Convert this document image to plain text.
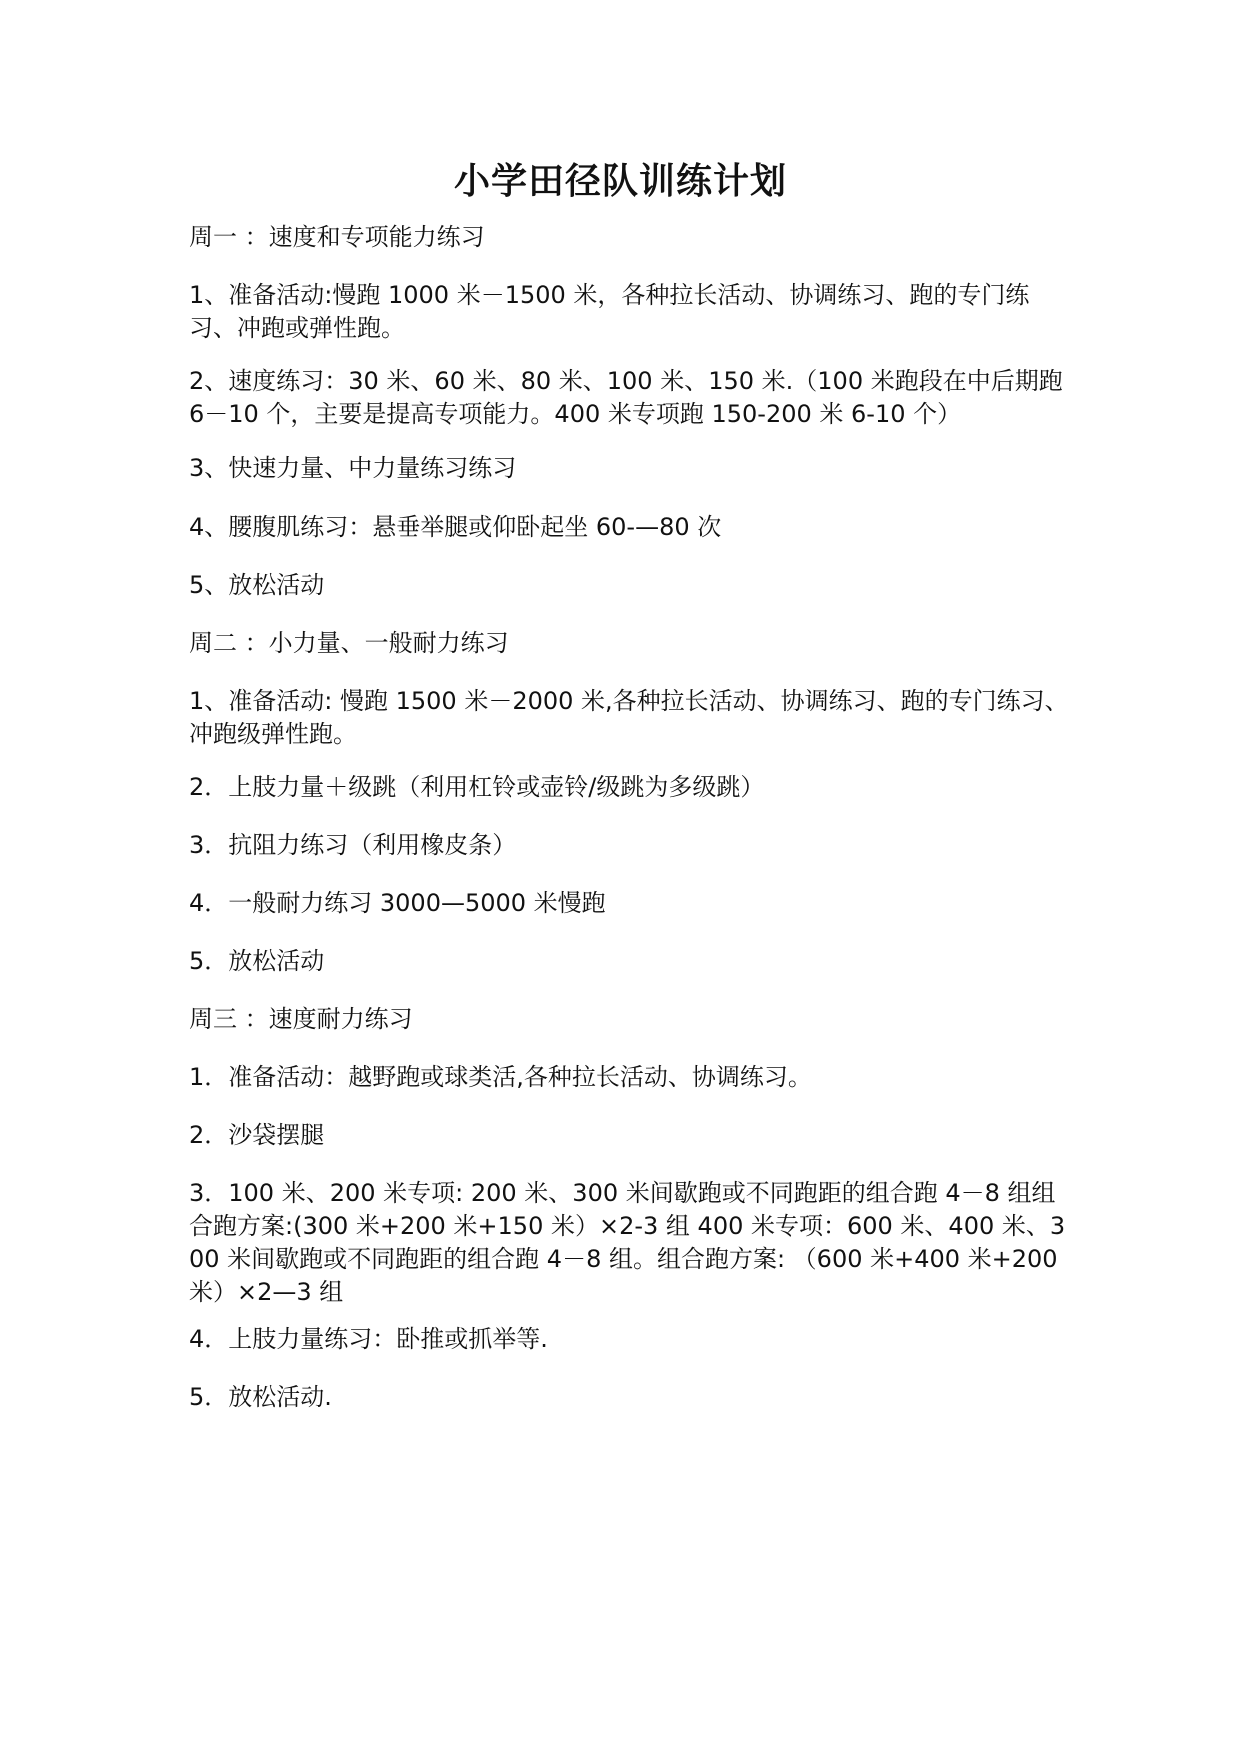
小学田径队训练计划

周一 ：速度和专项能力练习

1、准备活动:慢跑 1000 米－1500 米，各种拉长活动、协调练习、跑的专门练习、冲跑或弹性跑。

2、速度练习：30 米、60 米、80 米、100 米、150 米.（100 米跑段在中后期跑 6－10 个，主要是提高专项能力。400 米专项跑 150-200 米 6-10 个）

3、快速力量、中力量练习练习

4、腰腹肌练习：悬垂举腿或仰卧起坐 60-—80 次

5、放松活动

周二 ：小力量、一般耐力练习

1、准备活动: 慢跑 1500 米－2000 米,各种拉长活动、协调练习、跑的专门练习、冲跑级弹性跑。

2．上肢力量＋级跳（利用杠铃或壶铃/级跳为多级跳）

3．抗阻力练习（利用橡皮条）

4．一般耐力练习 3000—5000 米慢跑

5．放松活动

周三 ：速度耐力练习

1．准备活动：越野跑或球类活,各种拉长活动、协调练习。

2．沙袋摆腿

3．100 米、200 米专项: 200 米、300 米间歇跑或不同跑距的组合跑 4－8 组组合跑方案:(300 米+200 米+150 米）×2-3 组 400 米专项：600 米、400 米、300 米间歇跑或不同跑距的组合跑 4－8 组。组合跑方案: （600 米+400 米+200 米）×2—3 组

4．上肢力量练习：卧推或抓举等.

5．放松活动.
